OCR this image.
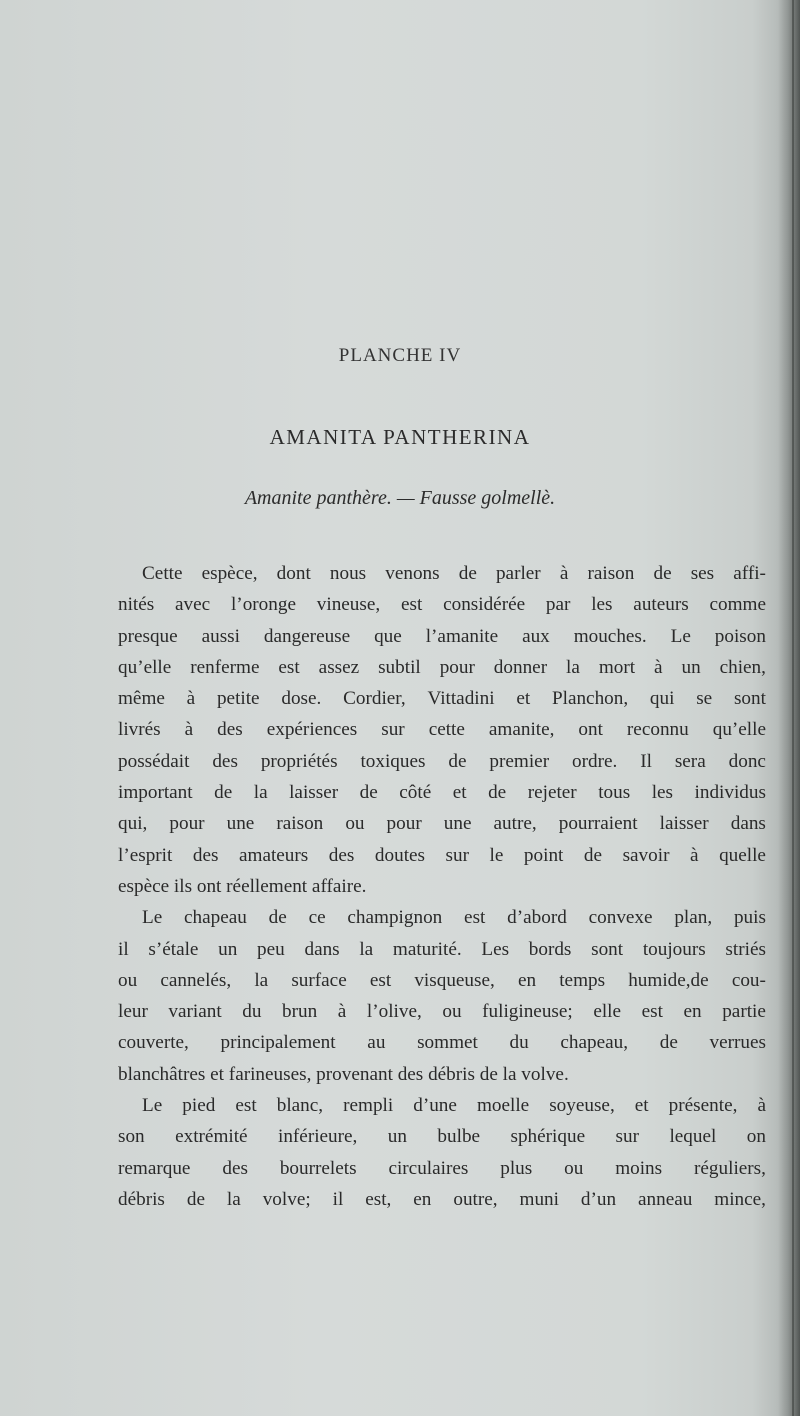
PLANCHE IV
AMANITA PANTHERINA
Amanite panthère. — Fausse golmellè.
Cette espèce, dont nous venons de parler à raison de ses affi-
nités avec l’oronge vineuse, est considérée par les auteurs comme
presque aussi dangereuse que l’amanite aux mouches. Le poison
qu’elle renferme est assez subtil pour donner la mort à un chien,
même à petite dose. Cordier, Vittadini et Planchon, qui se sont
livrés à des expériences sur cette amanite, ont reconnu qu’elle
possédait des propriétés toxiques de premier ordre. Il sera donc
important de la laisser de côté et de rejeter tous les individus
qui, pour une raison ou pour une autre, pourraient laisser dans
l’esprit des amateurs des doutes sur le point de savoir à quelle
espèce ils ont réellement affaire.
Le chapeau de ce champignon est d’abord convexe plan, puis
il s’étale un peu dans la maturité. Les bords sont toujours striés
ou cannelés, la surface est visqueuse, en temps humide,de cou-
leur variant du brun à l’olive, ou fuligineuse; elle est en partie
couverte, principalement au sommet du chapeau, de verrues
blanchâtres et farineuses, provenant des débris de la volve.
Le pied est blanc, rempli d’une moelle soyeuse, et présente, à
son extrémité inférieure, un bulbe sphérique sur lequel on
remarque des bourrelets circulaires plus ou moins réguliers,
débris de la volve; il est, en outre, muni d’un anneau mince,
